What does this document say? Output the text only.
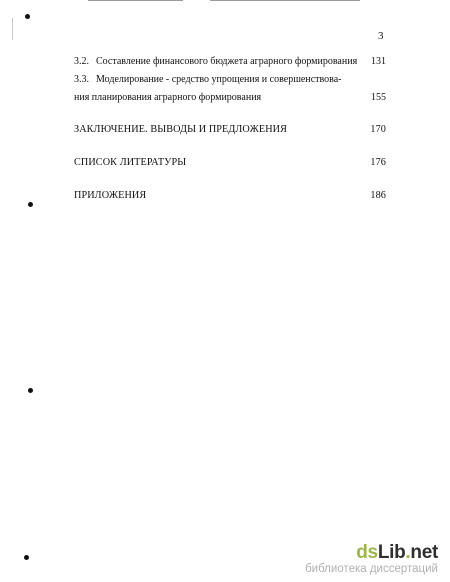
3
3.2. Составление финансового бюджета аграрного формирования 131
3.3. Моделирование - средство упрощения и совершенствова-
ния планирования аграрного формирования	155
ЗАКЛЮЧЕНИЕ. ВЫВОДЫ И ПРЕДЛОЖЕНИЯ	170
СПИСОК ЛИТЕРАТУРЫ	176
ПРИЛОЖЕНИЯ	186
dsLib.net
библиотека диссертаций
